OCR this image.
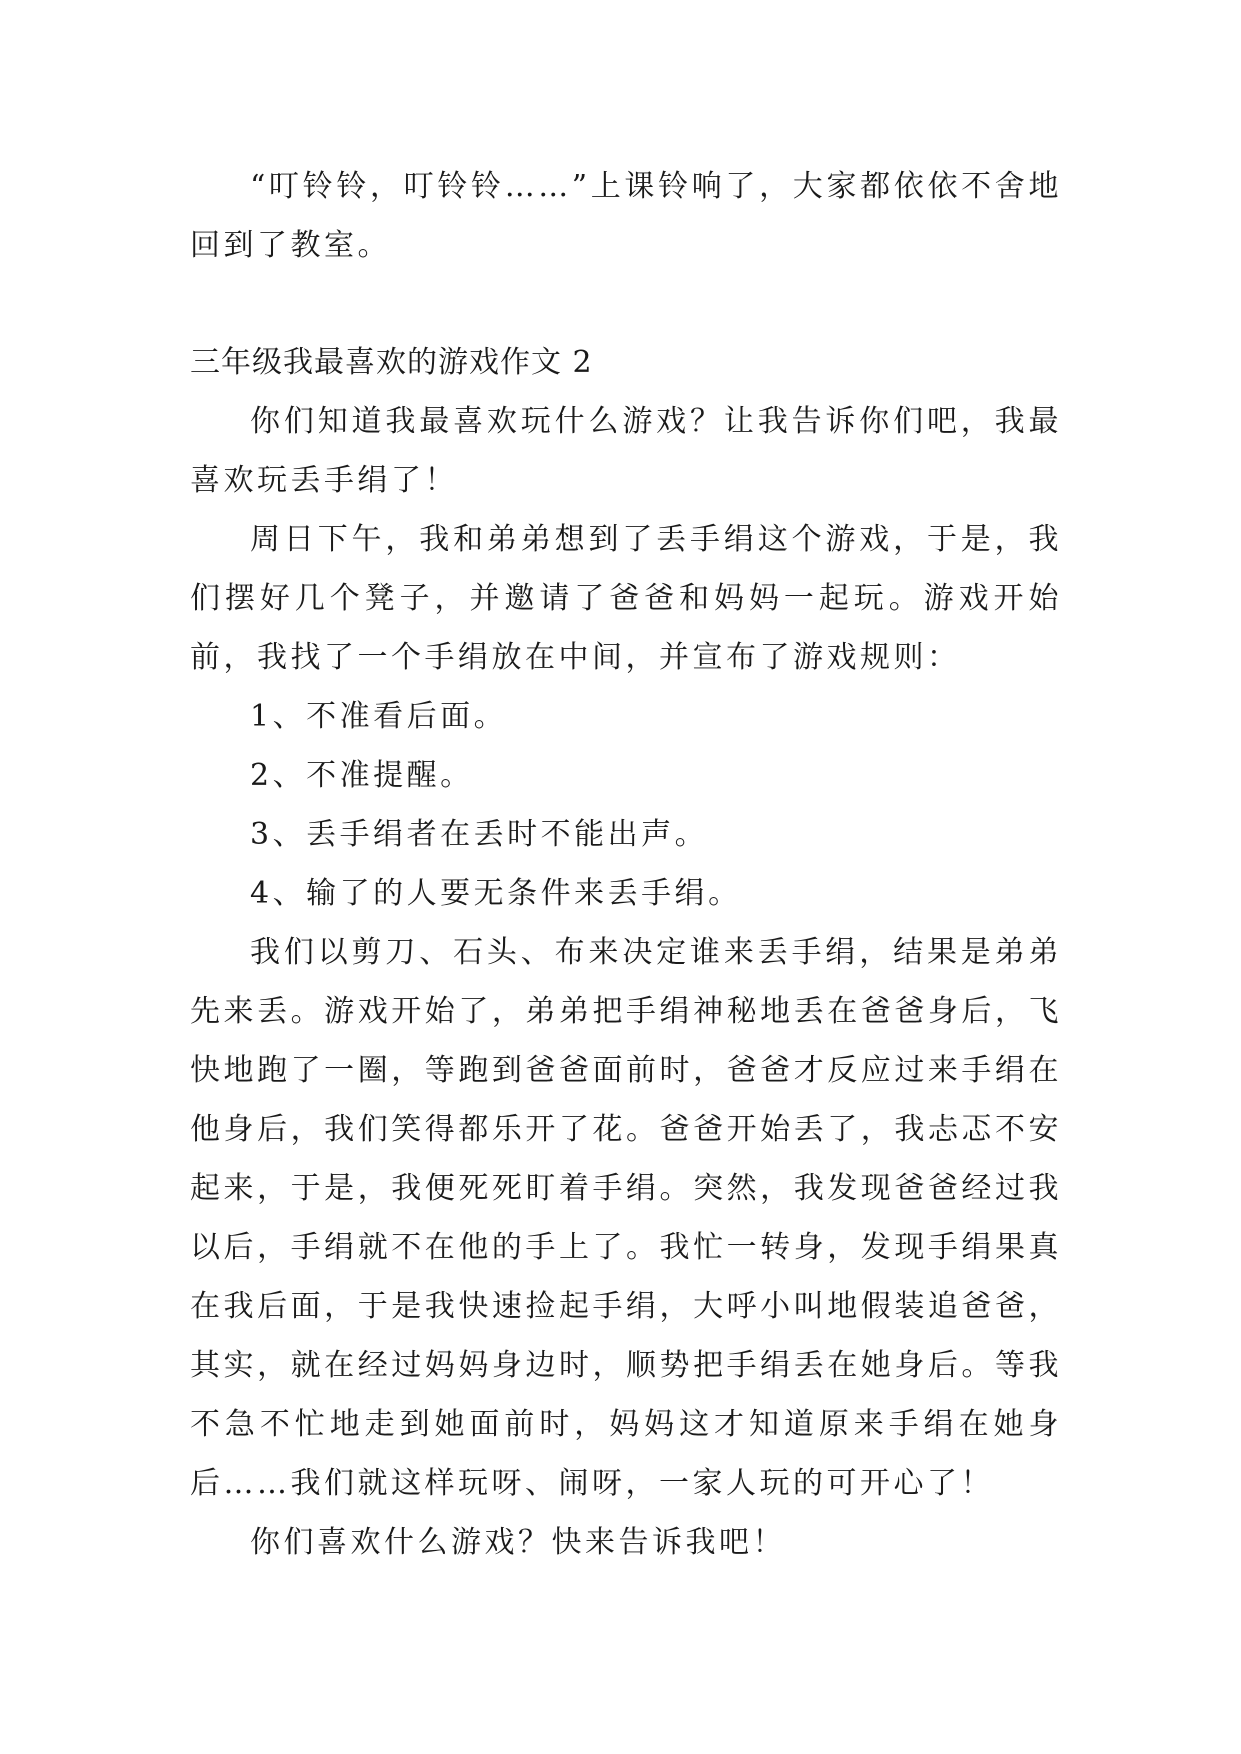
“叮铃铃，叮铃铃……”上课铃响了，大家都依依不舍地回到了教室。

三年级我最喜欢的游戏作文 2

你们知道我最喜欢玩什么游戏？让我告诉你们吧，我最喜欢玩丢手绢了！

周日下午，我和弟弟想到了丢手绢这个游戏，于是，我们摆好几个凳子，并邀请了爸爸和妈妈一起玩。游戏开始前，我找了一个手绢放在中间，并宣布了游戏规则：

1、不准看后面。

2、不准提醒。

3、丢手绢者在丢时不能出声。

4、输了的人要无条件来丢手绢。

我们以剪刀、石头、布来决定谁来丢手绢，结果是弟弟先来丢。游戏开始了，弟弟把手绢神秘地丢在爸爸身后，飞快地跑了一圈，等跑到爸爸面前时，爸爸才反应过来手绢在他身后，我们笑得都乐开了花。爸爸开始丢了，我忐忑不安起来，于是，我便死死盯着手绢。突然，我发现爸爸经过我以后，手绢就不在他的手上了。我忙一转身，发现手绢果真在我后面，于是我快速捡起手绢，大呼小叫地假装追爸爸，其实，就在经过妈妈身边时，顺势把手绢丢在她身后。等我不急不忙地走到她面前时，妈妈这才知道原来手绢在她身后……我们就这样玩呀、闹呀，一家人玩的可开心了！

你们喜欢什么游戏？快来告诉我吧！
